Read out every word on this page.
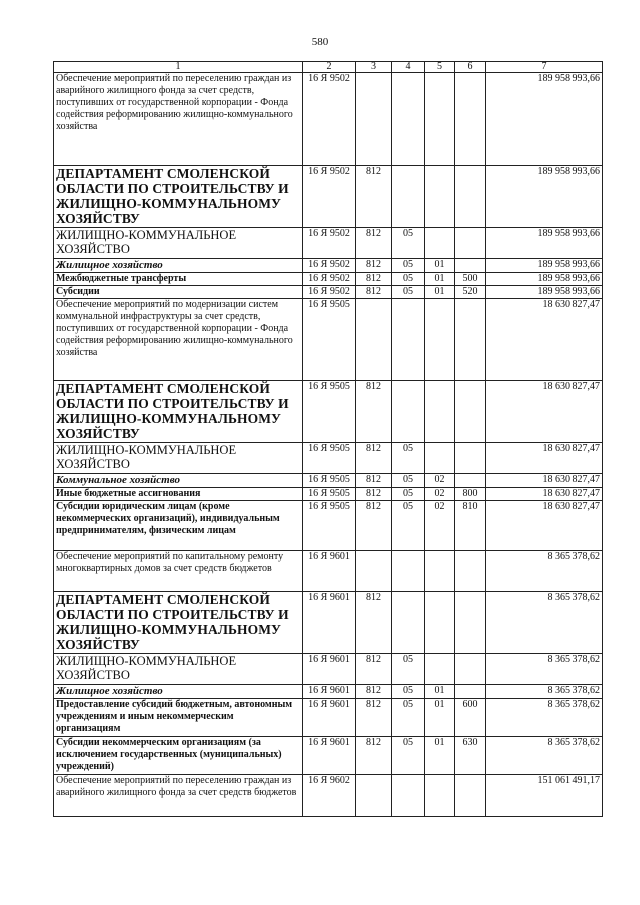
580
1	2	3	4	5	6	7
Обеспечение мероприятий по переселению граждан из аварийного жилищного фонда за счет средств, поступивших от государственной корпорации - Фонда содействия реформированию жилищно-коммунального хозяйства	16 Я 9502					189 958 993,66
ДЕПАРТАМЕНТ СМОЛЕНСКОЙ ОБЛАСТИ ПО СТРОИТЕЛЬСТВУ И ЖИЛИЩНО-КОММУНАЛЬНОМУ ХОЗЯЙСТВУ	16 Я 9502	812				189 958 993,66
ЖИЛИЩНО-КОММУНАЛЬНОЕ ХОЗЯЙСТВО	16 Я 9502	812	05			189 958 993,66
Жилищное хозяйство	16 Я 9502	812	05	01		189 958 993,66
Межбюджетные трансферты	16 Я 9502	812	05	01	500	189 958 993,66
Субсидии	16 Я 9502	812	05	01	520	189 958 993,66
Обеспечение мероприятий по модернизации систем коммунальной инфраструктуры за счет средств, поступивших от государственной корпорации - Фонда содействия реформированию жилищно-коммунального хозяйства	16 Я 9505					18 630 827,47
ДЕПАРТАМЕНТ СМОЛЕНСКОЙ ОБЛАСТИ ПО СТРОИТЕЛЬСТВУ И ЖИЛИЩНО-КОММУНАЛЬНОМУ ХОЗЯЙСТВУ	16 Я 9505	812				18 630 827,47
ЖИЛИЩНО-КОММУНАЛЬНОЕ ХОЗЯЙСТВО	16 Я 9505	812	05			18 630 827,47
Коммунальное хозяйство	16 Я 9505	812	05	02		18 630 827,47
Иные бюджетные ассигнования	16 Я 9505	812	05	02	800	18 630 827,47
Субсидии юридическим лицам (кроме некоммерческих организаций), индивидуальным предпринимателям, физическим лицам	16 Я 9505	812	05	02	810	18 630 827,47
Обеспечение мероприятий по капитальному ремонту многоквартирных домов за счет средств бюджетов	16 Я 9601					8 365 378,62
ДЕПАРТАМЕНТ СМОЛЕНСКОЙ ОБЛАСТИ ПО СТРОИТЕЛЬСТВУ И ЖИЛИЩНО-КОММУНАЛЬНОМУ ХОЗЯЙСТВУ	16 Я 9601	812				8 365 378,62
ЖИЛИЩНО-КОММУНАЛЬНОЕ ХОЗЯЙСТВО	16 Я 9601	812	05			8 365 378,62
Жилищное хозяйство	16 Я 9601	812	05	01		8 365 378,62
Предоставление субсидий бюджетным, автономным учреждениям и иным некоммерческим организациям	16 Я 9601	812	05	01	600	8 365 378,62
Субсидии некоммерческим организациям (за исключением государственных (муниципальных) учреждений)	16 Я 9601	812	05	01	630	8 365 378,62
Обеспечение мероприятий по переселению граждан из аварийного жилищного фонда за счет средств бюджетов	16 Я 9602					151 061 491,17
